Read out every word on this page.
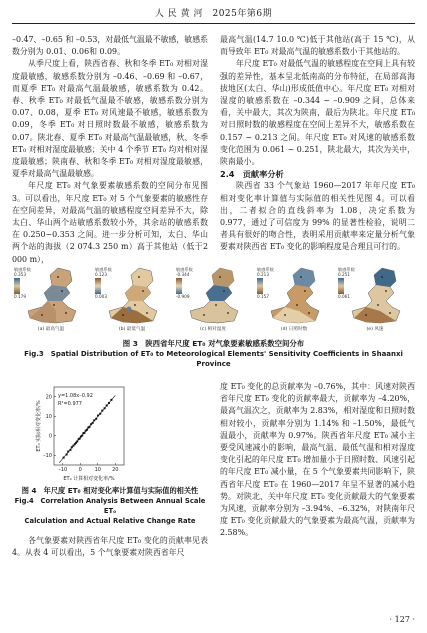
人 民 黄 河　2025年第6期

–0.47、–0.65 和 –0.53，对最低气温最不敏感，敏感系数分别为 0.01、0.06和 0.09。

从季尺度上看，陕西省春、秋和冬季 ET₀ 对相对湿度最敏感，敏感系数分别为 –0.46、–0.69 和 –0.67，而夏季 ET₀ 对最高气温最敏感，敏感系数为 0.42。春、秋季 ET₀ 对最低气温最不敏感，敏感系数分别为 0.07、0.08，夏季 ET₀ 对风速最不敏感，敏感系数为0.09，冬季 ET₀ 对日照时数最不敏感，敏感系数为0.07。陕北春、夏季 ET₀ 对最高气温最敏感，秋、冬季 ET₀ 对相对湿度最敏感；关中 4 个季节 ET₀ 均对相对湿度最敏感；陕南春、秋和冬季 ET₀ 对相对湿度最敏感，夏季对最高气温最敏感。

年尺度 ET₀ 对气象要素敏感系数的空间分布见图 3。可以看出，年尺度 ET₀ 对 5 个气象要素的敏感性存在空间差异，对最高气温的敏感程度空间差异不大，除太白、华山两个站敏感系数较小外，其余站的敏感系数在 0.250~0.353 之间。进一步分析可知，太白、华山两个站的海拔（2 074.3 250 m）高于其他站（低于2 000 m），

最高气温(14.7 10.0 ℃)低于其他站(高于 15 ℃)，从而导致年 ET₀ 对最高气温的敏感系数小于其他站的。

年尺度 ET₀ 对最低气温的敏感程度在空间上具有较强的差异性，基本呈北低南高的分布特征，在局部高海拔地区(太白、华山)形成低值中心。年尺度 ET₀ 对相对湿度的敏感系数在 –0.344 ~ –0.909 之间，总体来看，关中最大，其次为陕南，最后为陕北。年尺度 ET₀ 对日照时数的敏感程度在空间上差异不大，敏感系数在 0.157 ~ 0.213 之间。年尺度 ET₀ 对风速的敏感系数变化范围为 0.061 ~ 0.251，陕北最大，其次为关中，陕南最小。

2.4　贡献率分析

陕西省 33 个气象站 1960—2017 年年尺度 ET₀ 相对变化率计算值与实际值的相关性见图 4。可以看出，二者拟合的直线斜率为 1.08，决定系数为 0.977，通过了可信度为 99% 的显著性检验，说明二者具有很好的吻合性，表明采用贡献率来定量分析气象要素对陕西省 ET₀ 变化的影响程度是合理且可行的。

敏感系数
0.353
0.179
(a) 最高气温
敏感系数
0.123
0.003
(b) 最低气温
敏感系数
-0.344
-0.909
(c) 相对湿度
敏感系数
0.213
0.157
(d) 日照时数
敏感系数
0.251
0.061
(e) 风速
图 3　陕西省年尺度 ET₀ 对气象要素敏感系数空间分布
Fig.3　Spatial Distribution of ET₀ to Meteorological Elements' Sensitivity Coefficients in Shaanxi Province
–10 0	10 20
–10
0
10
20 y=1.08x–0.92
R²=0.977
ET₀ 计算相对变化率/%
ET₀ 实际相对变化率/%
图 4　年尺度 ET₀ 相对变化率计算值与实际值的相关性
Fig.4　Correlation Analysis Between Annual Scale ET₀
Calculation and Actual Relative Change Rate

各气象要素对陕西省年尺度 ET₀ 变化的贡献率见表 4。从表 4 可以看出，5 个气象要素对陕西省年尺

度 ET₀ 变化的总贡献率为 –0.76%，其中：风速对陕西省年尺度 ET₀ 变化的贡献率最大，贡献率为 –4.20%，最高气温次之，贡献率为 2.83%，相对湿度和日照时数相对较小，贡献率分别为 1.14% 和 –1.50%，最低气温最小，贡献率为 0.97%。陕西省年尺度 ET₀ 减小主要受风速减小的影响，最高气温、最低气温和相对湿度变化引起的年尺度 ET₀ 增加量小于日照时数、风速引起的年尺度 ET₀ 减小量，在 5 个气象要素共同影响下，陕西省年尺度 ET₀ 在 1960—2017 年呈不显著的减小趋势。对陕北、关中年尺度 ET₀ 变化贡献最大的气象要素为风速，贡献率分别为 –3.94%、–6.32%，对陕南年尺度 ET₀ 变化贡献最大的气象要素为最高气温，贡献率为 2.58%。

· 127 ·
